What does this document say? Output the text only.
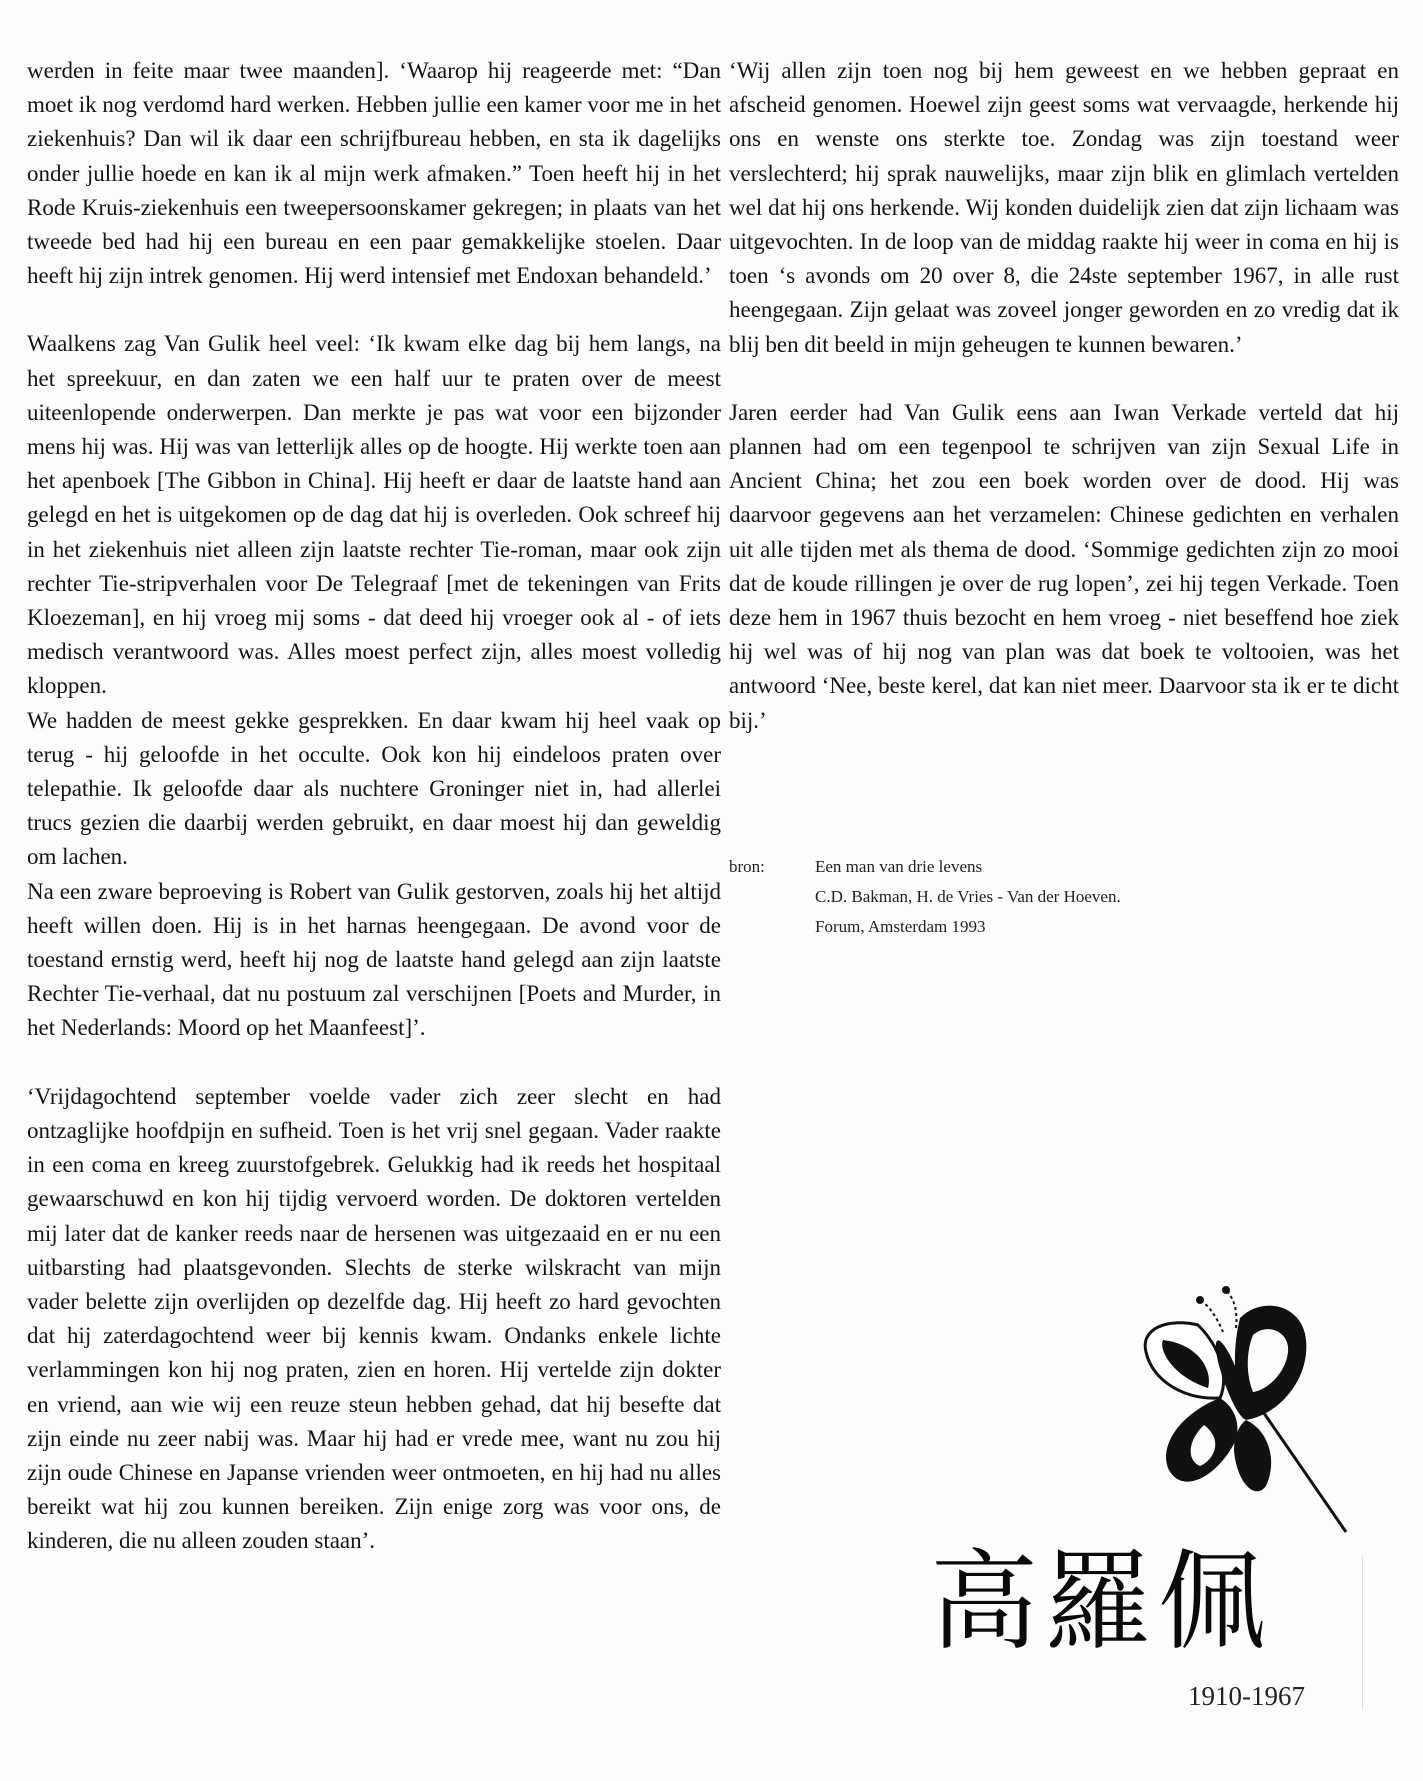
werden in feite maar twee maanden]. ‘Waarop hij reageerde met: “Dan moet ik nog verdomd hard werken. Hebben jullie een kamer voor me in het ziekenhuis? Dan wil ik daar een schrijfbureau hebben, en sta ik dagelijks onder jullie hoede en kan ik al mijn werk afmaken.” Toen heeft hij in het Rode Kruis-ziekenhuis een tweepersoonskamer gekregen; in plaats van het tweede bed had hij een bureau en een paar gemakkelijke stoelen. Daar heeft hij zijn intrek genomen. Hij werd intensief met Endoxan behandeld.’

Waalkens zag Van Gulik heel veel: ‘Ik kwam elke dag bij hem langs, na het spreekuur, en dan zaten we een half uur te praten over de meest uiteenlopende onderwerpen. Dan merkte je pas wat voor een bijzonder mens hij was. Hij was van letterlijk alles op de hoogte. Hij werkte toen aan het apenboek [The Gibbon in China]. Hij heeft er daar de laatste hand aan gelegd en het is uitgekomen op de dag dat hij is overleden. Ook schreef hij in het ziekenhuis niet alleen zijn laatste rechter Tie-roman, maar ook zijn rechter Tie-stripverhalen voor De Telegraaf [met de tekeningen van Frits Kloezeman], en hij vroeg mij soms - dat deed hij vroeger ook al - of iets medisch verantwoord was. Alles moest perfect zijn, alles moest volledig kloppen.

We hadden de meest gekke gesprekken. En daar kwam hij heel vaak op terug - hij geloofde in het occulte. Ook kon hij eindeloos praten over telepathie. Ik geloofde daar als nuchtere Groninger niet in, had allerlei trucs gezien die daarbij werden gebruikt, en daar moest hij dan geweldig om lachen.

Na een zware beproeving is Robert van Gulik gestorven, zoals hij het altijd heeft willen doen. Hij is in het harnas heengegaan. De avond voor de toestand ernstig werd, heeft hij nog de laatste hand gelegd aan zijn laatste Rechter Tie-verhaal, dat nu postuum zal verschijnen [Poets and Murder, in het Nederlands: Moord op het Maanfeest]’.

‘Vrijdagochtend september voelde vader zich zeer slecht en had ontzaglijke hoofdpijn en sufheid. Toen is het vrij snel gegaan. Vader raakte in een coma en kreeg zuurstofgebrek. Gelukkig had ik reeds het hospitaal gewaarschuwd en kon hij tijdig vervoerd worden. De doktoren vertelden mij later dat de kanker reeds naar de hersenen was uitgezaaid en er nu een uitbarsting had plaatsgevonden. Slechts de sterke wilskracht van mijn vader belette zijn overlijden op dezelfde dag. Hij heeft zo hard gevochten dat hij zaterdagochtend weer bij kennis kwam. Ondanks enkele lichte verlammingen kon hij nog praten, zien en horen. Hij vertelde zijn dokter en vriend, aan wie wij een reuze steun hebben gehad, dat hij besefte dat zijn einde nu zeer nabij was. Maar hij had er vrede mee, want nu zou hij zijn oude Chinese en Japanse vrienden weer ontmoeten, en hij had nu alles bereikt wat hij zou kunnen bereiken. Zijn enige zorg was voor ons, de kinderen, die nu alleen zouden staan’.

‘Wij allen zijn toen nog bij hem geweest en we hebben gepraat en afscheid genomen. Hoewel zijn geest soms wat vervaagde, herkende hij ons en wenste ons sterkte toe. Zondag was zijn toestand weer verslechterd; hij sprak nauwelijks, maar zijn blik en glimlach vertelden wel dat hij ons herkende. Wij konden duidelijk zien dat zijn lichaam was uitgevochten. In de loop van de middag raakte hij weer in coma en hij is toen ‘s avonds om 20 over 8, die 24ste september 1967, in alle rust heengegaan. Zijn gelaat was zoveel jonger geworden en zo vredig dat ik blij ben dit beeld in mijn geheugen te kunnen bewaren.’

Jaren eerder had Van Gulik eens aan Iwan Verkade verteld dat hij plannen had om een tegenpool te schrijven van zijn Sexual Life in Ancient China; het zou een boek worden over de dood. Hij was daarvoor gegevens aan het verzamelen: Chinese gedichten en verhalen uit alle tijden met als thema de dood. ‘Sommige gedichten zijn zo mooi dat de koude rillingen je over de rug lopen’, zei hij tegen Verkade. Toen deze hem in 1967 thuis bezocht en hem vroeg - niet beseffend hoe ziek hij wel was of hij nog van plan was dat boek te voltooien, was het antwoord ‘Nee, beste kerel, dat kan niet meer. Daarvoor sta ik er te dicht bij.’

bron:	Een man van drie levens
C.D. Bakman, H. de Vries - Van der Hoeven.
Forum, Amsterdam 1993
高羅佩
1910-1967
